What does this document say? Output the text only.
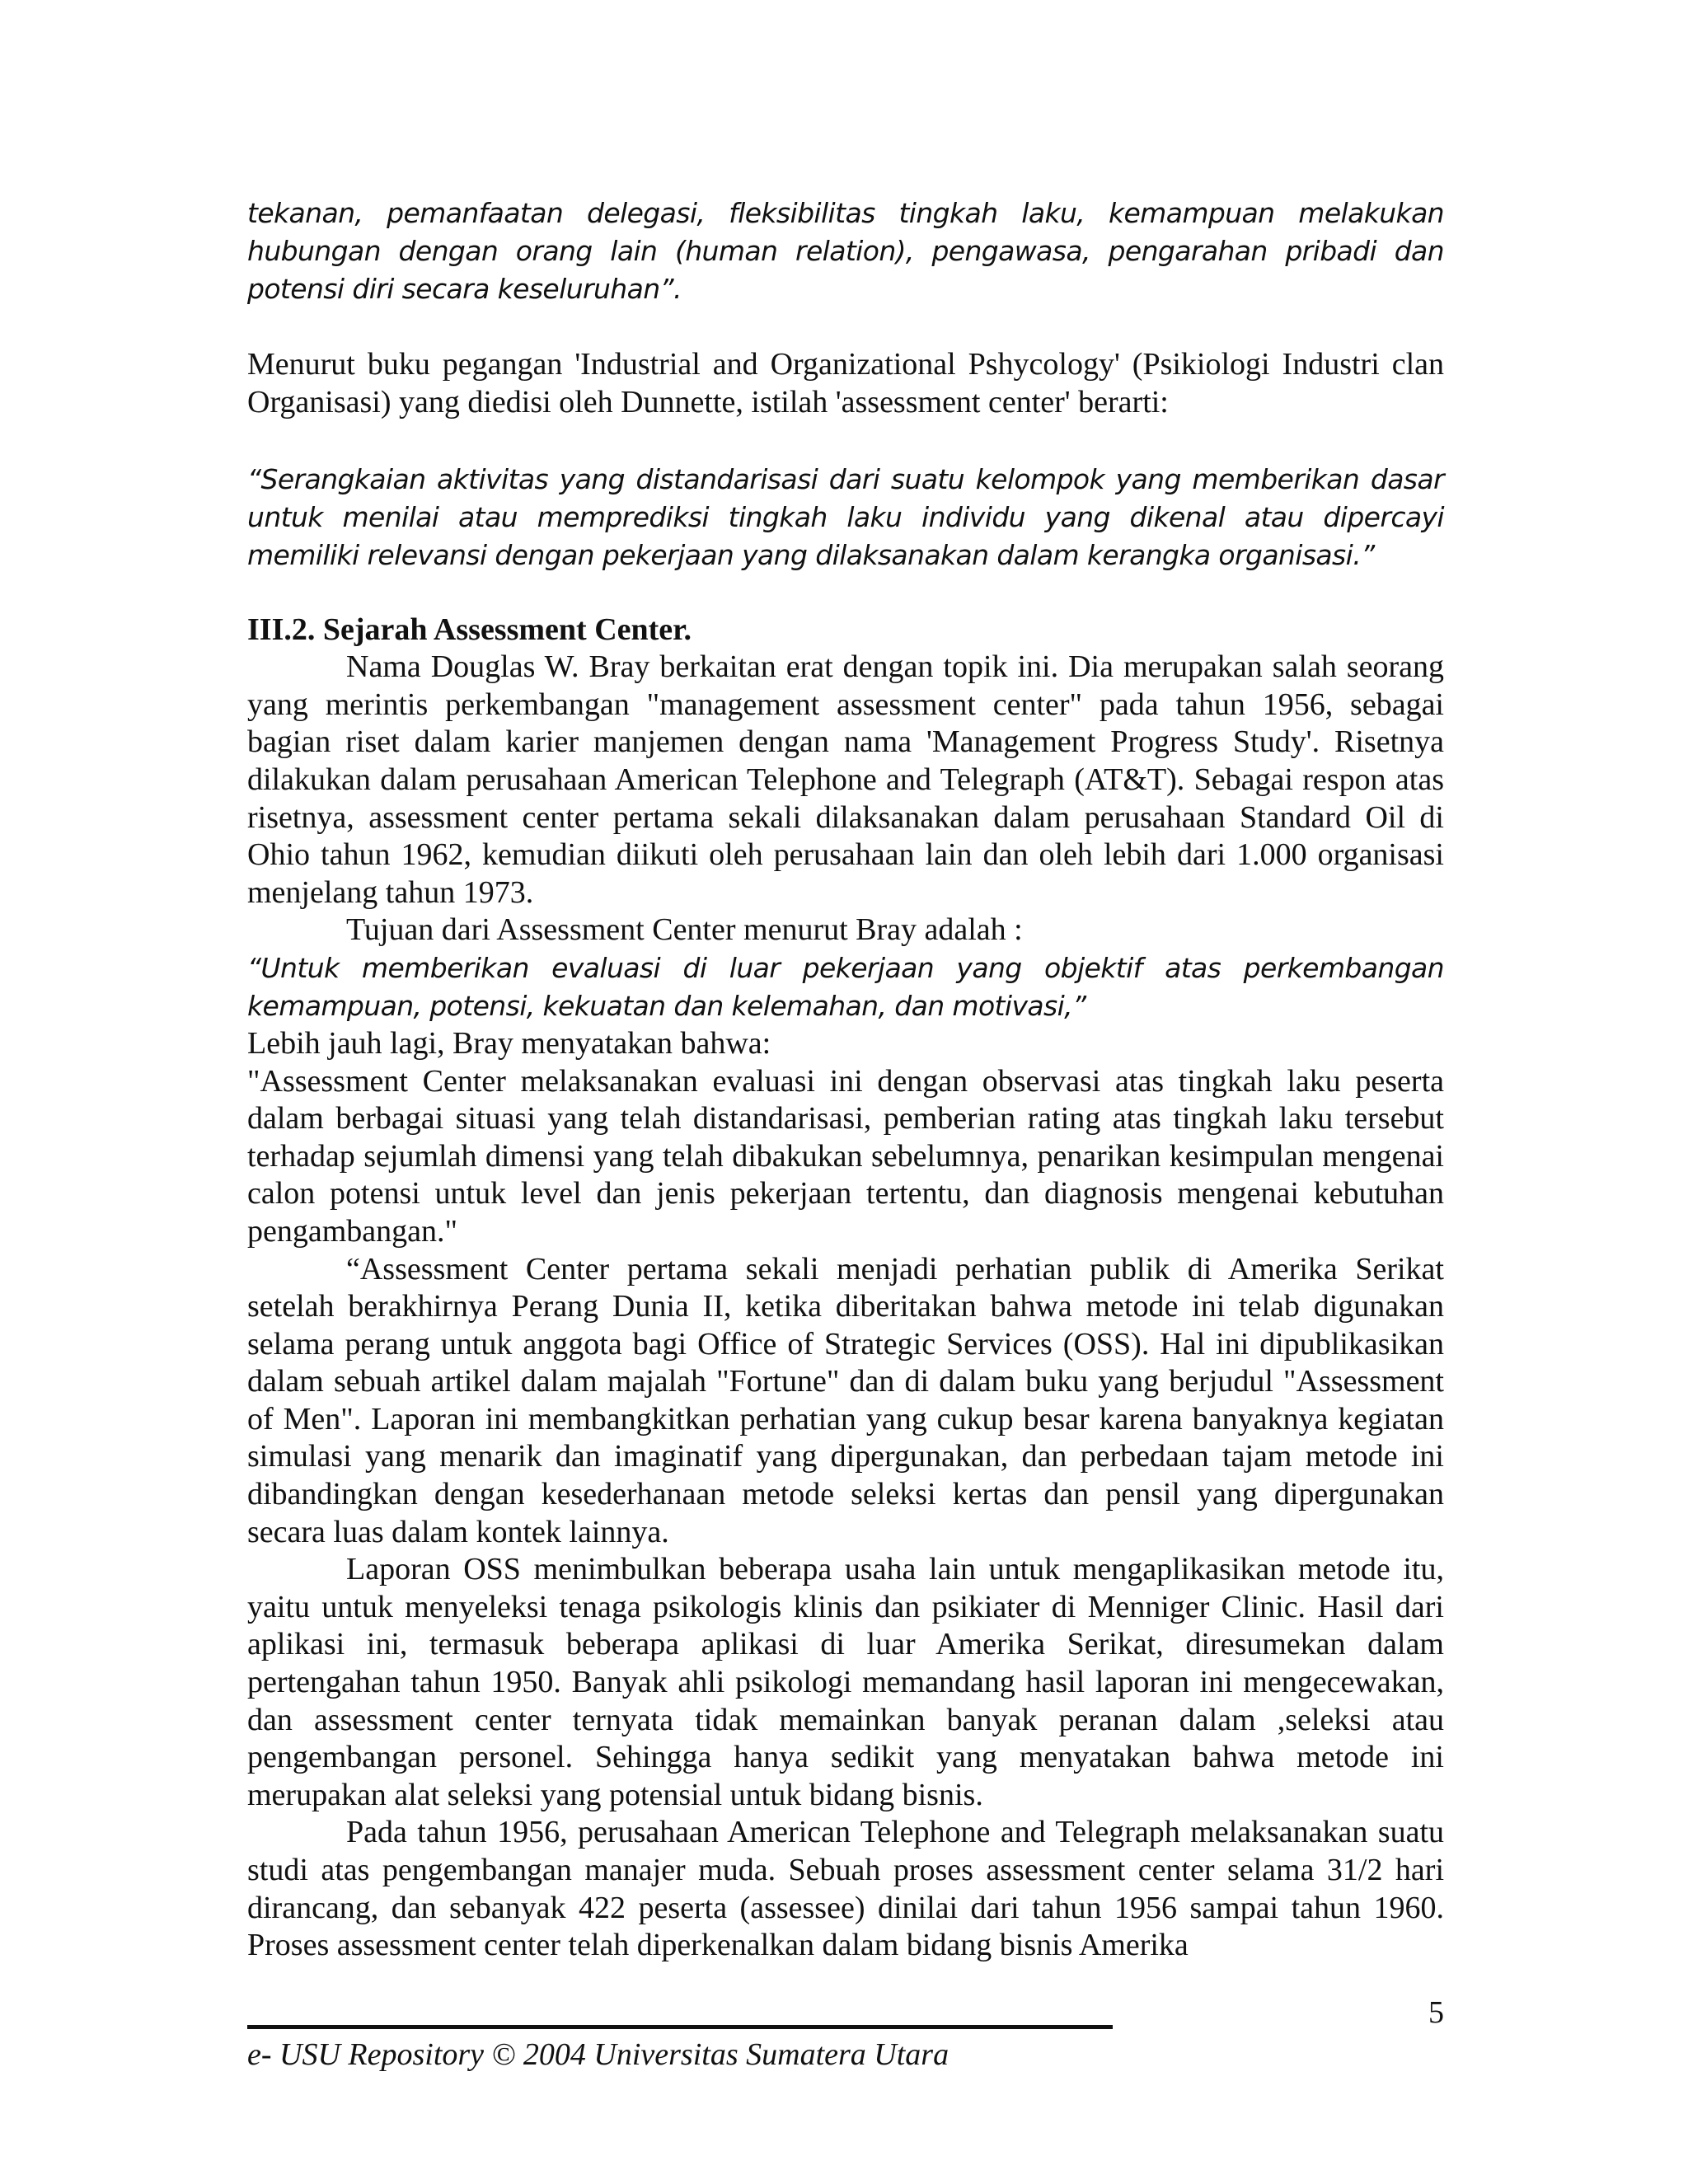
tekanan, pemanfaatan delegasi, fleksibilitas tingkah laku, kemampuan melakukan hubungan dengan orang lain (human relation), pengawasa, pengarahan pribadi dan potensi diri secara keseluruhan”.

Menurut buku pegangan 'Industrial and Organizational Pshycology' (Psikiologi Industri clan Organisasi) yang diedisi oleh Dunnette, istilah 'assessment center' berarti:

“Serangkaian aktivitas yang distandarisasi dari suatu kelompok yang memberikan dasar untuk menilai atau memprediksi tingkah laku individu yang dikenal atau dipercayi memiliki relevansi dengan pekerjaan yang dilaksanakan dalam kerangka organisasi.”

III.2. Sejarah Assessment Center.

Nama Douglas W. Bray berkaitan erat dengan topik ini. Dia merupakan salah seorang yang merintis perkembangan "management assessment center" pada tahun 1956, sebagai bagian riset dalam karier manjemen dengan nama 'Management Progress Study'. Risetnya dilakukan dalam perusahaan American Telephone and Telegraph (AT&T). Sebagai respon atas risetnya, assessment center pertama sekali dilaksanakan dalam perusahaan Standard Oil di Ohio tahun 1962, kemudian diikuti oleh perusahaan lain dan oleh lebih dari 1.000 organisasi menjelang tahun 1973.

Tujuan dari Assessment Center menurut Bray adalah :

“Untuk memberikan evaluasi di luar pekerjaan yang objektif atas perkembangan kemampuan, potensi, kekuatan dan kelemahan, dan motivasi,”

Lebih jauh lagi, Bray menyatakan bahwa:

"Assessment Center melaksanakan evaluasi ini dengan observasi atas tingkah laku peserta dalam berbagai situasi yang telah distandarisasi, pemberian rating atas tingkah laku tersebut terhadap sejumlah dimensi yang telah dibakukan sebelumnya, penarikan kesimpulan mengenai calon potensi untuk level dan jenis pekerjaan tertentu, dan diagnosis mengenai kebutuhan pengambangan."

“Assessment Center pertama sekali menjadi perhatian publik di Amerika Serikat setelah berakhirnya Perang Dunia II, ketika diberitakan bahwa metode ini telab digunakan selama perang untuk anggota bagi Office of Strategic Services (OSS). Hal ini dipublikasikan dalam sebuah artikel dalam majalah "Fortune" dan di dalam buku yang berjudul "Assessment of Men". Laporan ini membangkitkan perhatian yang cukup besar karena banyaknya kegiatan simulasi yang menarik dan imaginatif yang dipergunakan, dan perbedaan tajam metode ini dibandingkan dengan kesederhanaan metode seleksi kertas dan pensil yang dipergunakan secara luas dalam kontek lainnya.

Laporan OSS menimbulkan beberapa usaha lain untuk mengaplikasikan metode itu, yaitu untuk menyeleksi tenaga psikologis klinis dan psikiater di Menniger Clinic. Hasil dari aplikasi ini, termasuk beberapa aplikasi di luar Amerika Serikat, diresumekan dalam pertengahan tahun 1950. Banyak ahli psikologi memandang hasil laporan ini mengecewakan, dan assessment center ternyata tidak memainkan banyak peranan dalam ,seleksi atau pengembangan personel. Sehingga hanya sedikit yang menyatakan bahwa metode ini merupakan alat seleksi yang potensial untuk bidang bisnis.

Pada tahun 1956, perusahaan American Telephone and Telegraph melaksanakan suatu studi atas pengembangan manajer muda. Sebuah proses assessment center selama 31/2 hari dirancang, dan sebanyak 422 peserta (assessee) dinilai dari tahun 1956 sampai tahun 1960. Proses assessment center telah diperkenalkan dalam bidang bisnis Amerika

5
e- USU Repository © 2004 Universitas Sumatera Utara
